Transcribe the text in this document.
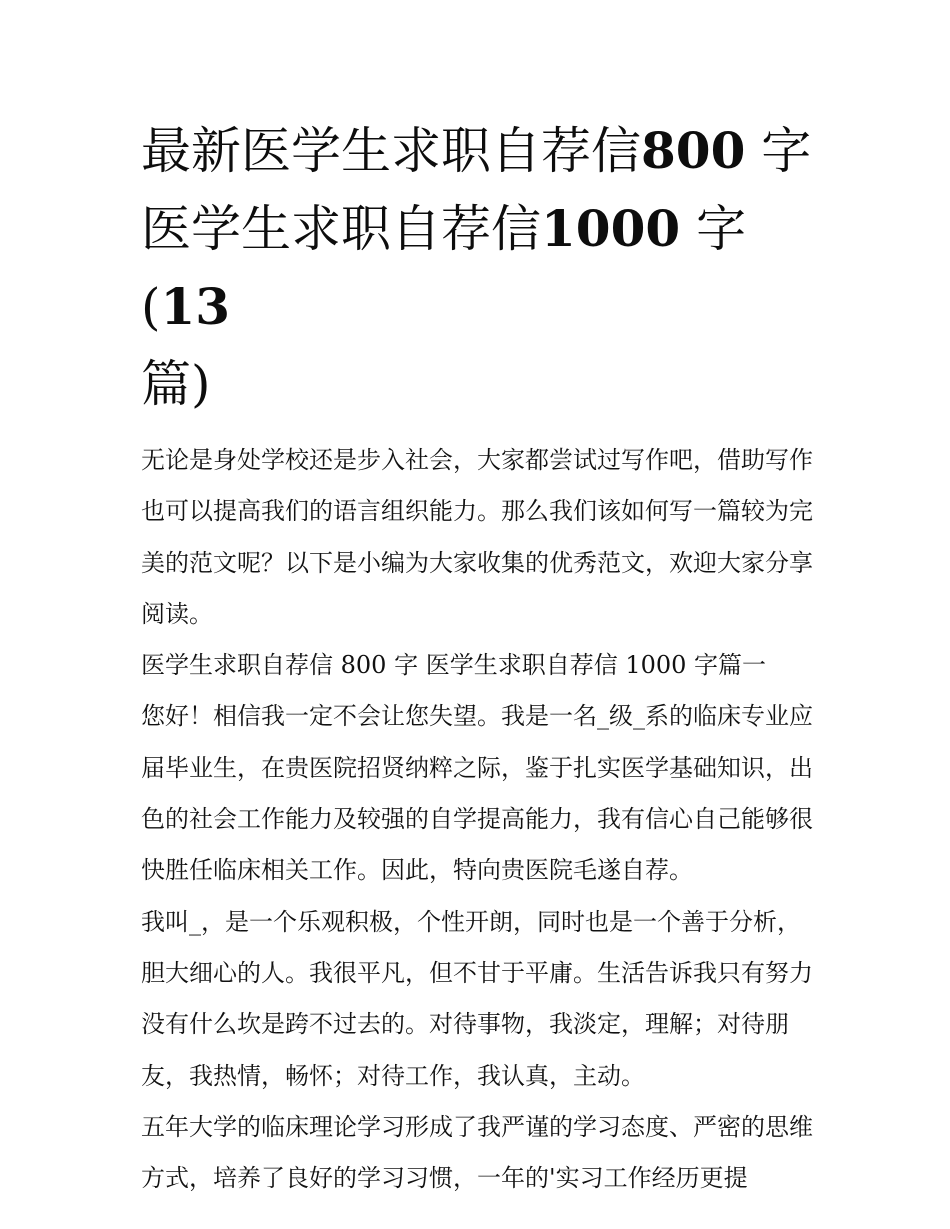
最新医学生求职自荐信800 字
医学生求职自荐信1000 字(13
篇)

无论是身处学校还是步入社会，大家都尝试过写作吧，借助写作也可以提高我们的语言组织能力。那么我们该如何写一篇较为完美的范文呢？以下是小编为大家收集的优秀范文，欢迎大家分享阅读。

医学生求职自荐信 800 字 医学生求职自荐信 1000 字篇一

您好！相信我一定不会让您失望。我是一名_级_系的临床专业应届毕业生，在贵医院招贤纳粹之际，鉴于扎实医学基础知识，出色的社会工作能力及较强的自学提高能力，我有信心自己能够很快胜任临床相关工作。因此，特向贵医院毛遂自荐。

我叫_，是一个乐观积极，个性开朗，同时也是一个善于分析，胆大细心的人。我很平凡，但不甘于平庸。生活告诉我只有努力没有什么坎是跨不过去的。对待事物，我淡定，理解；对待朋友，我热情，畅怀；对待工作，我认真，主动。

五年大学的临床理论学习形成了我严谨的学习态度、严密的思维方式，培养了良好的学习习惯，一年的'实习工作经历更提
